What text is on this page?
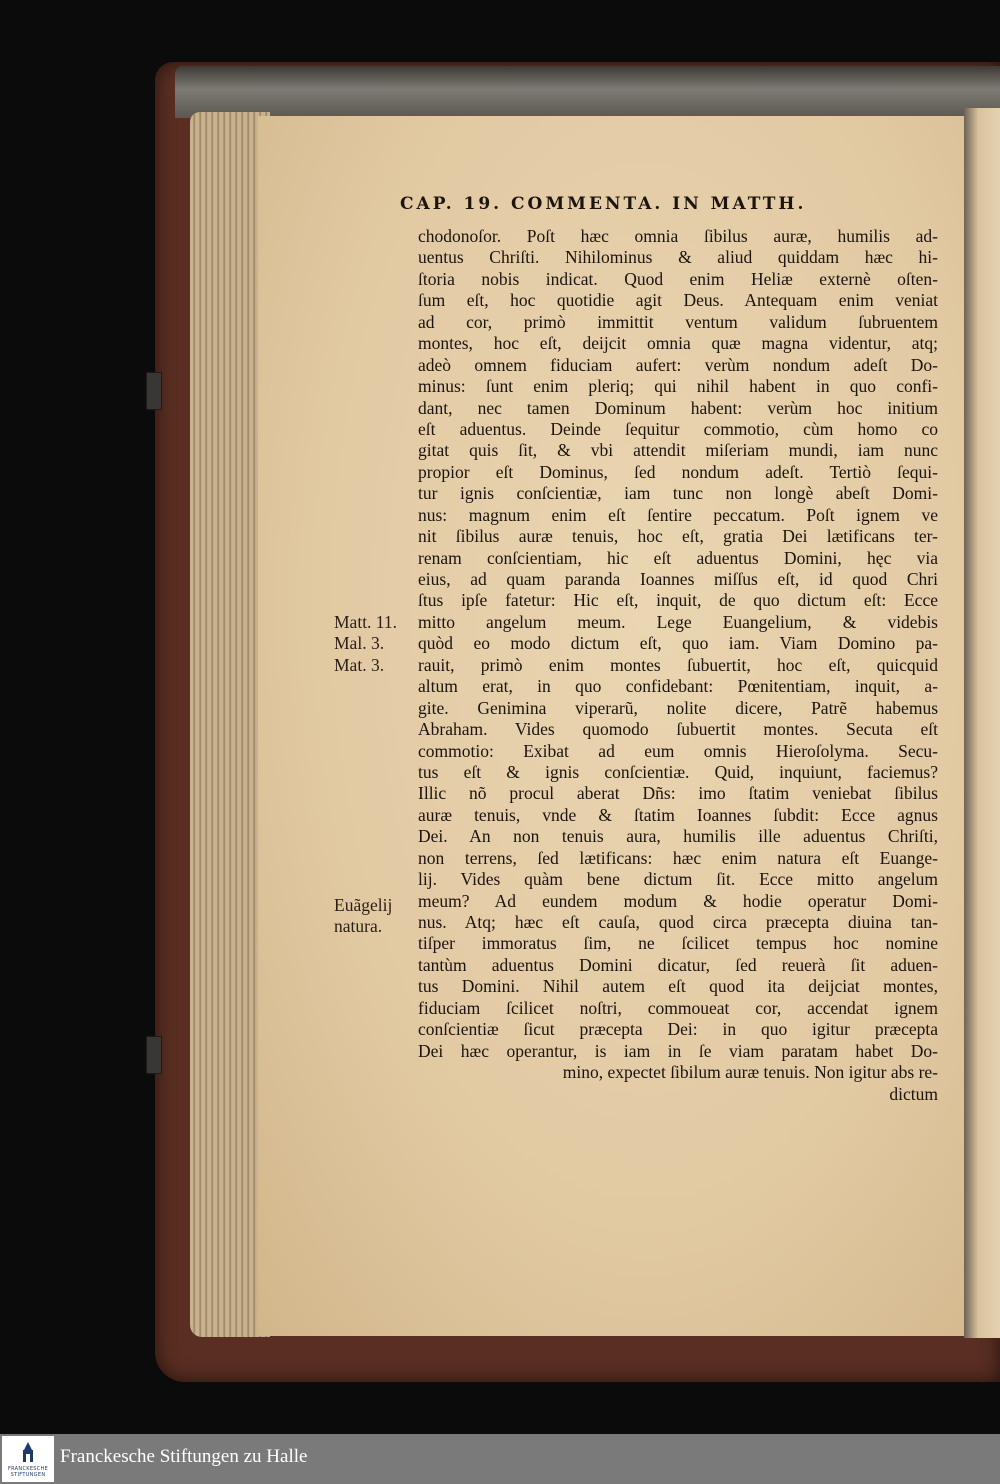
CAP. 19. COMMENTA. IN MATTH.
chodonoſor. Poſt hæc omnia ſibilus auræ, humilis ad-
uentus Chriſti. Nihilominus & aliud quiddam hæc hi-
ſtoria nobis indicat. Quod enim Heliæ externè oſten-
ſum eſt, hoc quotidie agit Deus. Antequam enim veniat
ad cor, primò immittit ventum validum ſubruentem
montes, hoc eſt, deijcit omnia quæ magna videntur, atq;
adeò omnem fiduciam aufert: verùm nondum adeſt Do-
minus: ſunt enim pleriq; qui nihil habent in quo confi-
dant, nec tamen Dominum habent: verùm hoc initium
eſt aduentus. Deinde ſequitur commotio, cùm homo co
gitat quis ſit, & vbi attendit miſeriam mundi, iam nunc
propior eſt Dominus, ſed nondum adeſt. Tertiò ſequi-
tur ignis conſcientiæ, iam tunc non longè abeſt Domi-
nus: magnum enim eſt ſentire peccatum. Poſt ignem ve
nit ſibilus auræ tenuis, hoc eſt, gratia Dei lætificans ter-
renam conſcientiam, hic eſt aduentus Domini, hęc via
eius, ad quam paranda Ioannes miſſus eſt, id quod Chri
ſtus ipſe fatetur: Hic eſt, inquit, de quo dictum eſt: Ecce
mitto angelum meum. Lege Euangelium, & videbis
quòd eo modo dictum eſt, quo iam. Viam Domino pa-
rauit, primò enim montes ſubuertit, hoc eſt, quicquid
altum erat, in quo confidebant: Pœnitentiam, inquit, a-
gite. Genimina viperarũ, nolite dicere, Patrẽ habemus
Abraham. Vides quomodo ſubuertit montes. Secuta eſt
commotio: Exibat ad eum omnis Hieroſolyma. Secu-
tus eſt & ignis conſcientiæ. Quid, inquiunt, faciemus?
Illic nõ procul aberat Dñs: imo ſtatim veniebat ſibilus
auræ tenuis, vnde & ſtatim Ioannes ſubdit: Ecce agnus
Dei. An non tenuis aura, humilis ille aduentus Chriſti,
non terrens, ſed lætificans: hæc enim natura eſt Euange-
lij. Vides quàm bene dictum ſit. Ecce mitto angelum
meum? Ad eundem modum & hodie operatur Domi-
nus. Atq; hæc eſt cauſa, quod circa præcepta diuina tan-
tiſper immoratus ſim, ne ſcilicet tempus hoc nomine
tantùm aduentus Domini dicatur, ſed reuerà ſit aduen-
tus Domini. Nihil autem eſt quod ita deijciat montes,
fiduciam ſcilicet noſtri, commoueat cor, accendat ignem
conſcientiæ ſicut præcepta Dei: in quo igitur præcepta
Dei hæc operantur, is iam in ſe viam paratam habet Do-
mino, expectet ſibilum auræ tenuis. Non igitur abs re-
dictum
Matt. 11.
Mal. 3.
Mat. 3.
Euãgelij
natura.
FRANCKESCHE STIFTUNGEN
Franckesche Stiftungen zu Halle
